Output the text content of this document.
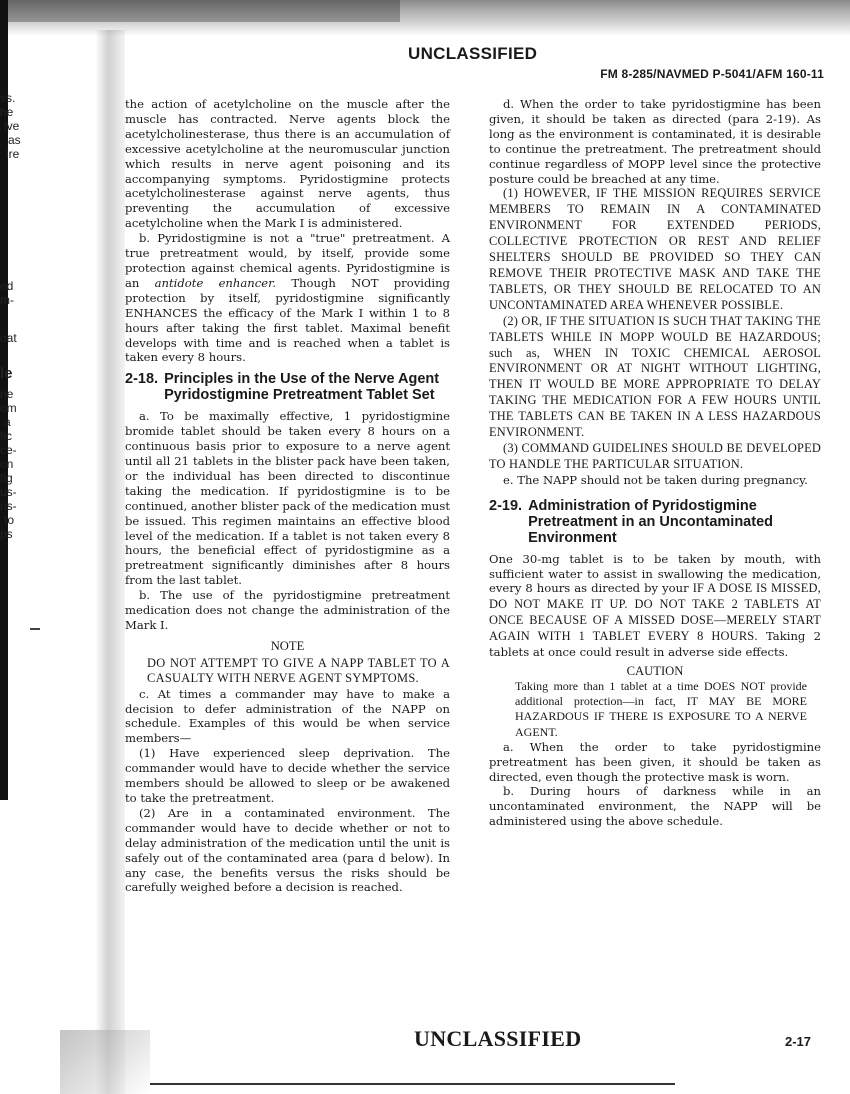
ss.
he
ive
as
ire
ed
m-
oat
le
ne
om
a
fic
ce-
on
fig
us-
ns-
to
ps
UNCLASSIFIED
FM 8-285/NAVMED P-5041/AFM 160-11

the action of acetylcholine on the muscle after the muscle has contracted. Nerve agents block the acetylcholinesterase, thus there is an accumulation of excessive acetylcholine at the neuromuscular junction which results in nerve agent poisoning and its accompanying symptoms. Pyridostigmine protects acetylcholinesterase against nerve agents, thus preventing the accumulation of excessive acetylcholine when the Mark I is administered.

b. Pyridostigmine is not a "true" pretreatment. A true pretreatment would, by itself, provide some protection against chemical agents. Pyridostigmine is an antidote enhancer. Though NOT providing protection by itself, pyridostigmine significantly ENHANCES the efficacy of the Mark I within 1 to 8 hours after taking the first tablet. Maximal benefit develops with time and is reached when a tablet is taken every 8 hours.

2-18. Principles in the Use of the Nerve Agent Pyridostigmine Pretreatment Tablet Set

a. To be maximally effective, 1 pyridostigmine bromide tablet should be taken every 8 hours on a continuous basis prior to exposure to a nerve agent until all 21 tablets in the blister pack have been taken, or the individual has been directed to discontinue taking the medication. If pyridostigmine is to be continued, another blister pack of the medication must be issued. This regimen maintains an effective blood level of the medication. If a tablet is not taken every 8 hours, the beneficial effect of pyridostigmine as a pretreatment significantly diminishes after 8 hours from the last tablet.

b. The use of the pyridostigmine pretreatment medication does not change the administration of the Mark I.

NOTE
DO NOT ATTEMPT TO GIVE A NAPP TABLET TO A CASUALTY WITH NERVE AGENT SYMPTOMS.

c. At times a commander may have to make a decision to defer administration of the NAPP on schedule. Examples of this would be when service members—

(1) Have experienced sleep deprivation. The commander would have to decide whether the service members should be allowed to sleep or be awakened to take the pretreatment.

(2) Are in a contaminated environment. The commander would have to decide whether or not to delay administration of the medication until the unit is safely out of the contaminated area (para d below). In any case, the benefits versus the risks should be carefully weighed before a decision is reached.

d. When the order to take pyridostigmine has been given, it should be taken as directed (para 2-19). As long as the environment is contaminated, it is desirable to continue the pretreatment. The pretreatment should continue regardless of MOPP level since the protective posture could be breached at any time.

(1) HOWEVER, IF THE MISSION REQUIRES SERVICE MEMBERS TO REMAIN IN A CONTAMINATED ENVIRONMENT FOR EXTENDED PERIODS, COLLECTIVE PROTECTION OR REST AND RELIEF SHELTERS SHOULD BE PROVIDED SO THEY CAN REMOVE THEIR PROTECTIVE MASK AND TAKE THE TABLETS, OR THEY SHOULD BE RELOCATED TO AN UNCONTAMINATED AREA WHENEVER POSSIBLE.

(2) OR, IF THE SITUATION IS SUCH THAT TAKING THE TABLETS WHILE IN MOPP WOULD BE HAZARDOUS; such as, WHEN IN TOXIC CHEMICAL AEROSOL ENVIRONMENT OR AT NIGHT WITHOUT LIGHTING, THEN IT WOULD BE MORE APPROPRIATE TO DELAY TAKING THE MEDICATION FOR A FEW HOURS UNTIL THE TABLETS CAN BE TAKEN IN A LESS HAZARDOUS ENVIRONMENT.

(3) COMMAND GUIDELINES SHOULD BE DEVELOPED TO HANDLE THE PARTICULAR SITUATION.

e. The NAPP should not be taken during pregnancy.

2-19. Administration of Pyridostigmine Pretreatment in an Uncontaminated Environment

One 30-mg tablet is to be taken by mouth, with sufficient water to assist in swallowing the medication, every 8 hours as directed by your IF A DOSE IS MISSED, DO NOT MAKE IT UP. DO NOT TAKE 2 TABLETS AT ONCE BECAUSE OF A MISSED DOSE—MERELY START AGAIN WITH 1 TABLET EVERY 8 HOURS. Taking 2 tablets at once could result in adverse side effects.

CAUTION
Taking more than 1 tablet at a time DOES NOT provide additional protection—in fact, IT MAY BE MORE HAZARDOUS IF THERE IS EXPOSURE TO A NERVE AGENT.

a. When the order to take pyridostigmine pretreatment has been given, it should be taken as directed, even though the protective mask is worn.

b. During hours of darkness while in an uncontaminated environment, the NAPP will be administered using the above schedule.

UNCLASSIFIED	2-17
